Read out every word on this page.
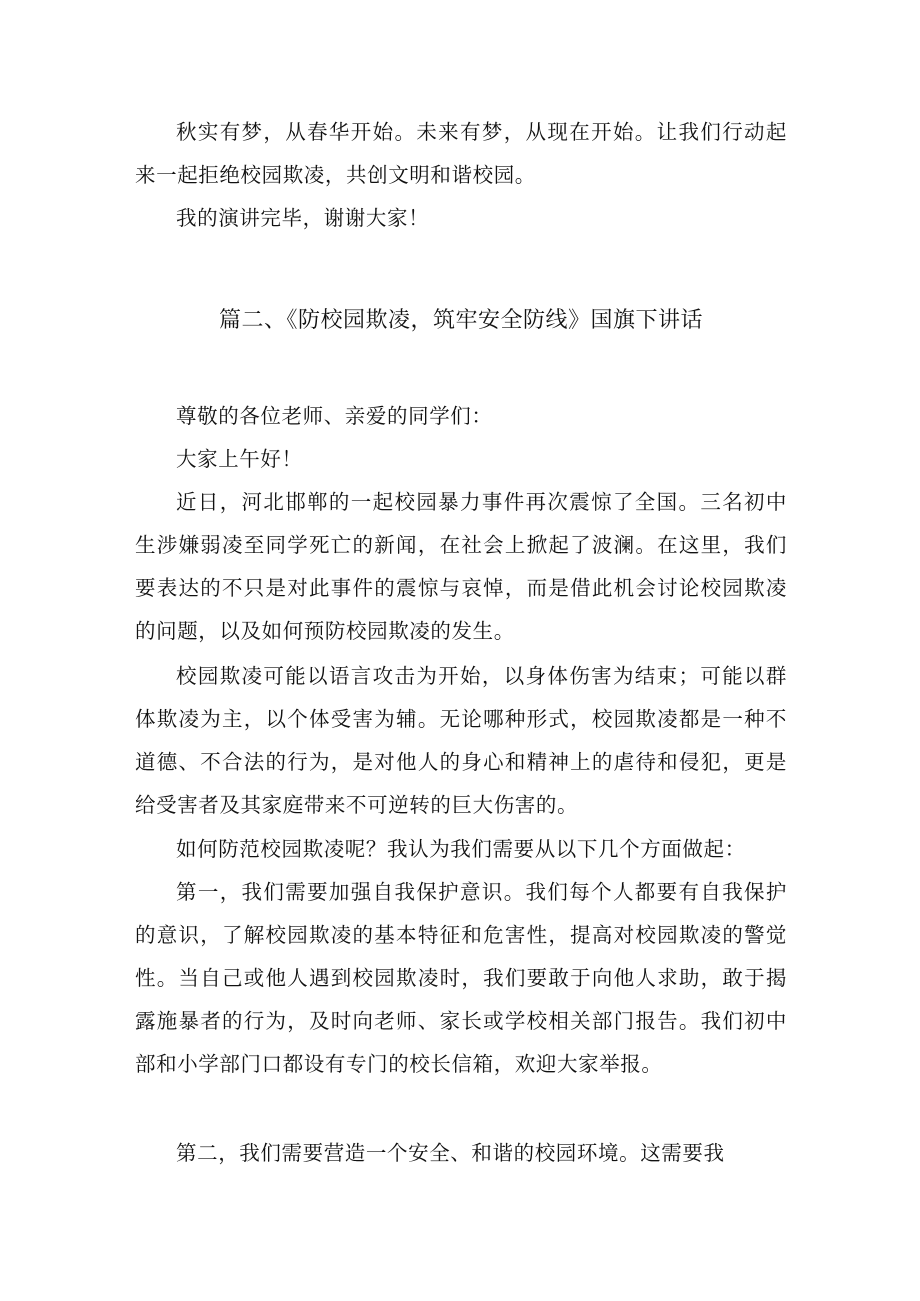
秋实有梦，从春华开始。未来有梦，从现在开始。让我们行动起来一起拒绝校园欺凌，共创文明和谐校园。

我的演讲完毕，谢谢大家！

篇二、《防校园欺凌，筑牢安全防线》国旗下讲话

尊敬的各位老师、亲爱的同学们：

大家上午好！

近日，河北邯郸的一起校园暴力事件再次震惊了全国。三名初中生涉嫌弱凌至同学死亡的新闻，在社会上掀起了波澜。在这里，我们要表达的不只是对此事件的震惊与哀悼，而是借此机会讨论校园欺凌的问题，以及如何预防校园欺凌的发生。

校园欺凌可能以语言攻击为开始，以身体伤害为结束；可能以群体欺凌为主，以个体受害为辅。无论哪种形式，校园欺凌都是一种不道德、不合法的行为，是对他人的身心和精神上的虐待和侵犯，更是给受害者及其家庭带来不可逆转的巨大伤害的。

如何防范校园欺凌呢？我认为我们需要从以下几个方面做起：

第一，我们需要加强自我保护意识。我们每个人都要有自我保护的意识，了解校园欺凌的基本特征和危害性，提高对校园欺凌的警觉性。当自己或他人遇到校园欺凌时，我们要敢于向他人求助，敢于揭露施暴者的行为，及时向老师、家长或学校相关部门报告。我们初中部和小学部门口都设有专门的校长信箱，欢迎大家举报。

第二，我们需要营造一个安全、和谐的校园环境。这需要我
